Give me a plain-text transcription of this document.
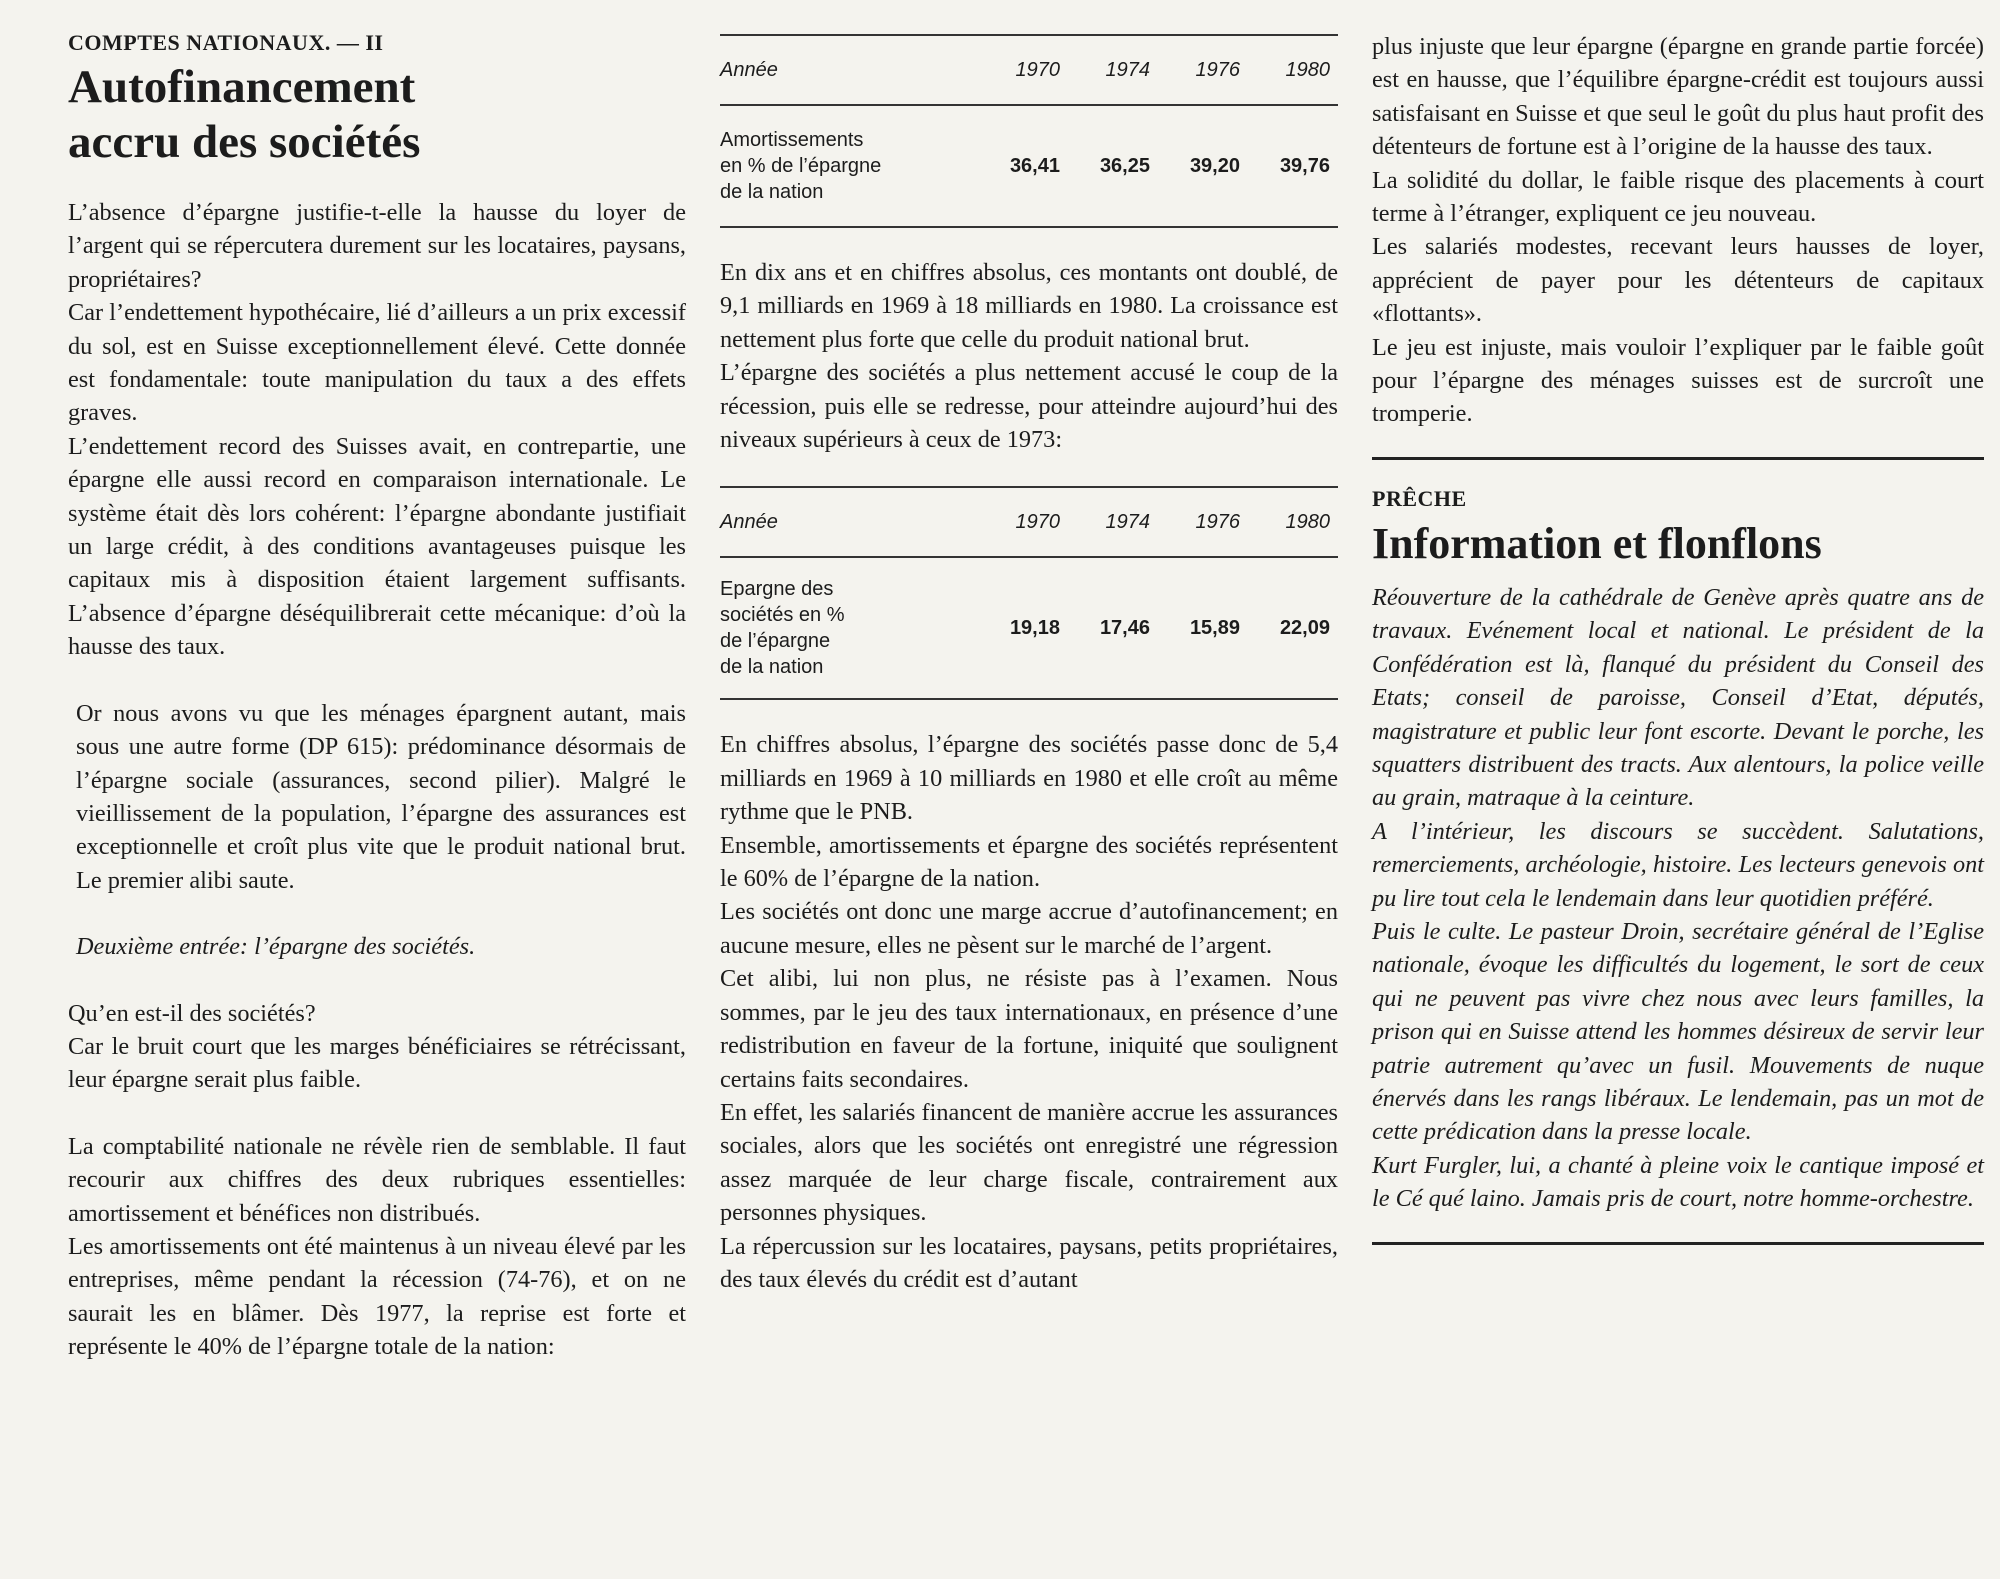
COMPTES NATIONAUX. — II
Autofinancement
accru des sociétés

L’absence d’épargne justifie-t-elle la hausse du loyer de l’argent qui se répercutera durement sur les locataires, paysans, propriétaires?

Car l’endettement hypothécaire, lié d’ailleurs a un prix excessif du sol, est en Suisse exceptionnellement élevé. Cette donnée est fondamentale: toute manipulation du taux a des effets graves.

L’endettement record des Suisses avait, en contrepartie, une épargne elle aussi record en comparaison internationale. Le système était dès lors cohérent: l’épargne abondante justifiait un large crédit, à des conditions avantageuses puisque les capitaux mis à disposition étaient largement suffisants. L’absence d’épargne déséquilibrerait cette mécanique: d’où la hausse des taux.

Or nous avons vu que les ménages épargnent autant, mais sous une autre forme (DP 615): prédominance désormais de l’épargne sociale (assurances, second pilier). Malgré le vieillissement de la population, l’épargne des assurances est exceptionnelle et croît plus vite que le produit national brut. Le premier alibi saute.

Deuxième entrée: l’épargne des sociétés.

Qu’en est-il des sociétés?

Car le bruit court que les marges bénéficiaires se rétrécissant, leur épargne serait plus faible.

La comptabilité nationale ne révèle rien de semblable. Il faut recourir aux chiffres des deux rubriques essentielles: amortissement et bénéfices non distribués.

Les amortissements ont été maintenus à un niveau élevé par les entreprises, même pendant la récession (74-76), et on ne saurait les en blâmer. Dès 1977, la reprise est forte et représente le 40% de l’épargne totale de la nation:

Année	1970	1974	1976	1980
Amortissements
en % de l’épargne
de la nation
36,41	36,25	39,20	39,76

En dix ans et en chiffres absolus, ces montants ont doublé, de 9,1 milliards en 1969 à 18 milliards en 1980. La croissance est nettement plus forte que celle du produit national brut.

L’épargne des sociétés a plus nettement accusé le coup de la récession, puis elle se redresse, pour atteindre aujourd’hui des niveaux supérieurs à ceux de 1973:

Année	1970	1974	1976	1980
Epargne des
sociétés en %
de l’épargne
de la nation
19,18	17,46	15,89	22,09

En chiffres absolus, l’épargne des sociétés passe donc de 5,4 milliards en 1969 à 10 milliards en 1980 et elle croît au même rythme que le PNB.

Ensemble, amortissements et épargne des sociétés représentent le 60% de l’épargne de la nation.

Les sociétés ont donc une marge accrue d’autofinancement; en aucune mesure, elles ne pèsent sur le marché de l’argent.

Cet alibi, lui non plus, ne résiste pas à l’examen. Nous sommes, par le jeu des taux internationaux, en présence d’une redistribution en faveur de la fortune, iniquité que soulignent certains faits secondaires.

En effet, les salariés financent de manière accrue les assurances sociales, alors que les sociétés ont enregistré une régression assez marquée de leur charge fiscale, contrairement aux personnes physiques.

La répercussion sur les locataires, paysans, petits propriétaires, des taux élevés du crédit est d’autant

plus injuste que leur épargne (épargne en grande partie forcée) est en hausse, que l’équilibre épargne-crédit est toujours aussi satisfaisant en Suisse et que seul le goût du plus haut profit des détenteurs de fortune est à l’origine de la hausse des taux.

La solidité du dollar, le faible risque des placements à court terme à l’étranger, expliquent ce jeu nouveau.

Les salariés modestes, recevant leurs hausses de loyer, apprécient de payer pour les détenteurs de capitaux «flottants».

Le jeu est injuste, mais vouloir l’expliquer par le faible goût pour l’épargne des ménages suisses est de surcroît une tromperie.

PRÊCHE
Information et flonflons

Réouverture de la cathédrale de Genève après quatre ans de travaux. Evénement local et national. Le président de la Confédération est là, flanqué du président du Conseil des Etats; conseil de paroisse, Conseil d’Etat, députés, magistrature et public leur font escorte. Devant le porche, les squatters distribuent des tracts. Aux alentours, la police veille au grain, matraque à la ceinture.

A l’intérieur, les discours se succèdent. Salutations, remerciements, archéologie, histoire. Les lecteurs genevois ont pu lire tout cela le lendemain dans leur quotidien préféré.

Puis le culte. Le pasteur Droin, secrétaire général de l’Eglise nationale, évoque les difficultés du logement, le sort de ceux qui ne peuvent pas vivre chez nous avec leurs familles, la prison qui en Suisse attend les hommes désireux de servir leur patrie autrement qu’avec un fusil. Mouvements de nuque énervés dans les rangs libéraux. Le lendemain, pas un mot de cette prédication dans la presse locale.

Kurt Furgler, lui, a chanté à pleine voix le cantique imposé et le Cé qué laino. Jamais pris de court, notre homme-orchestre.
